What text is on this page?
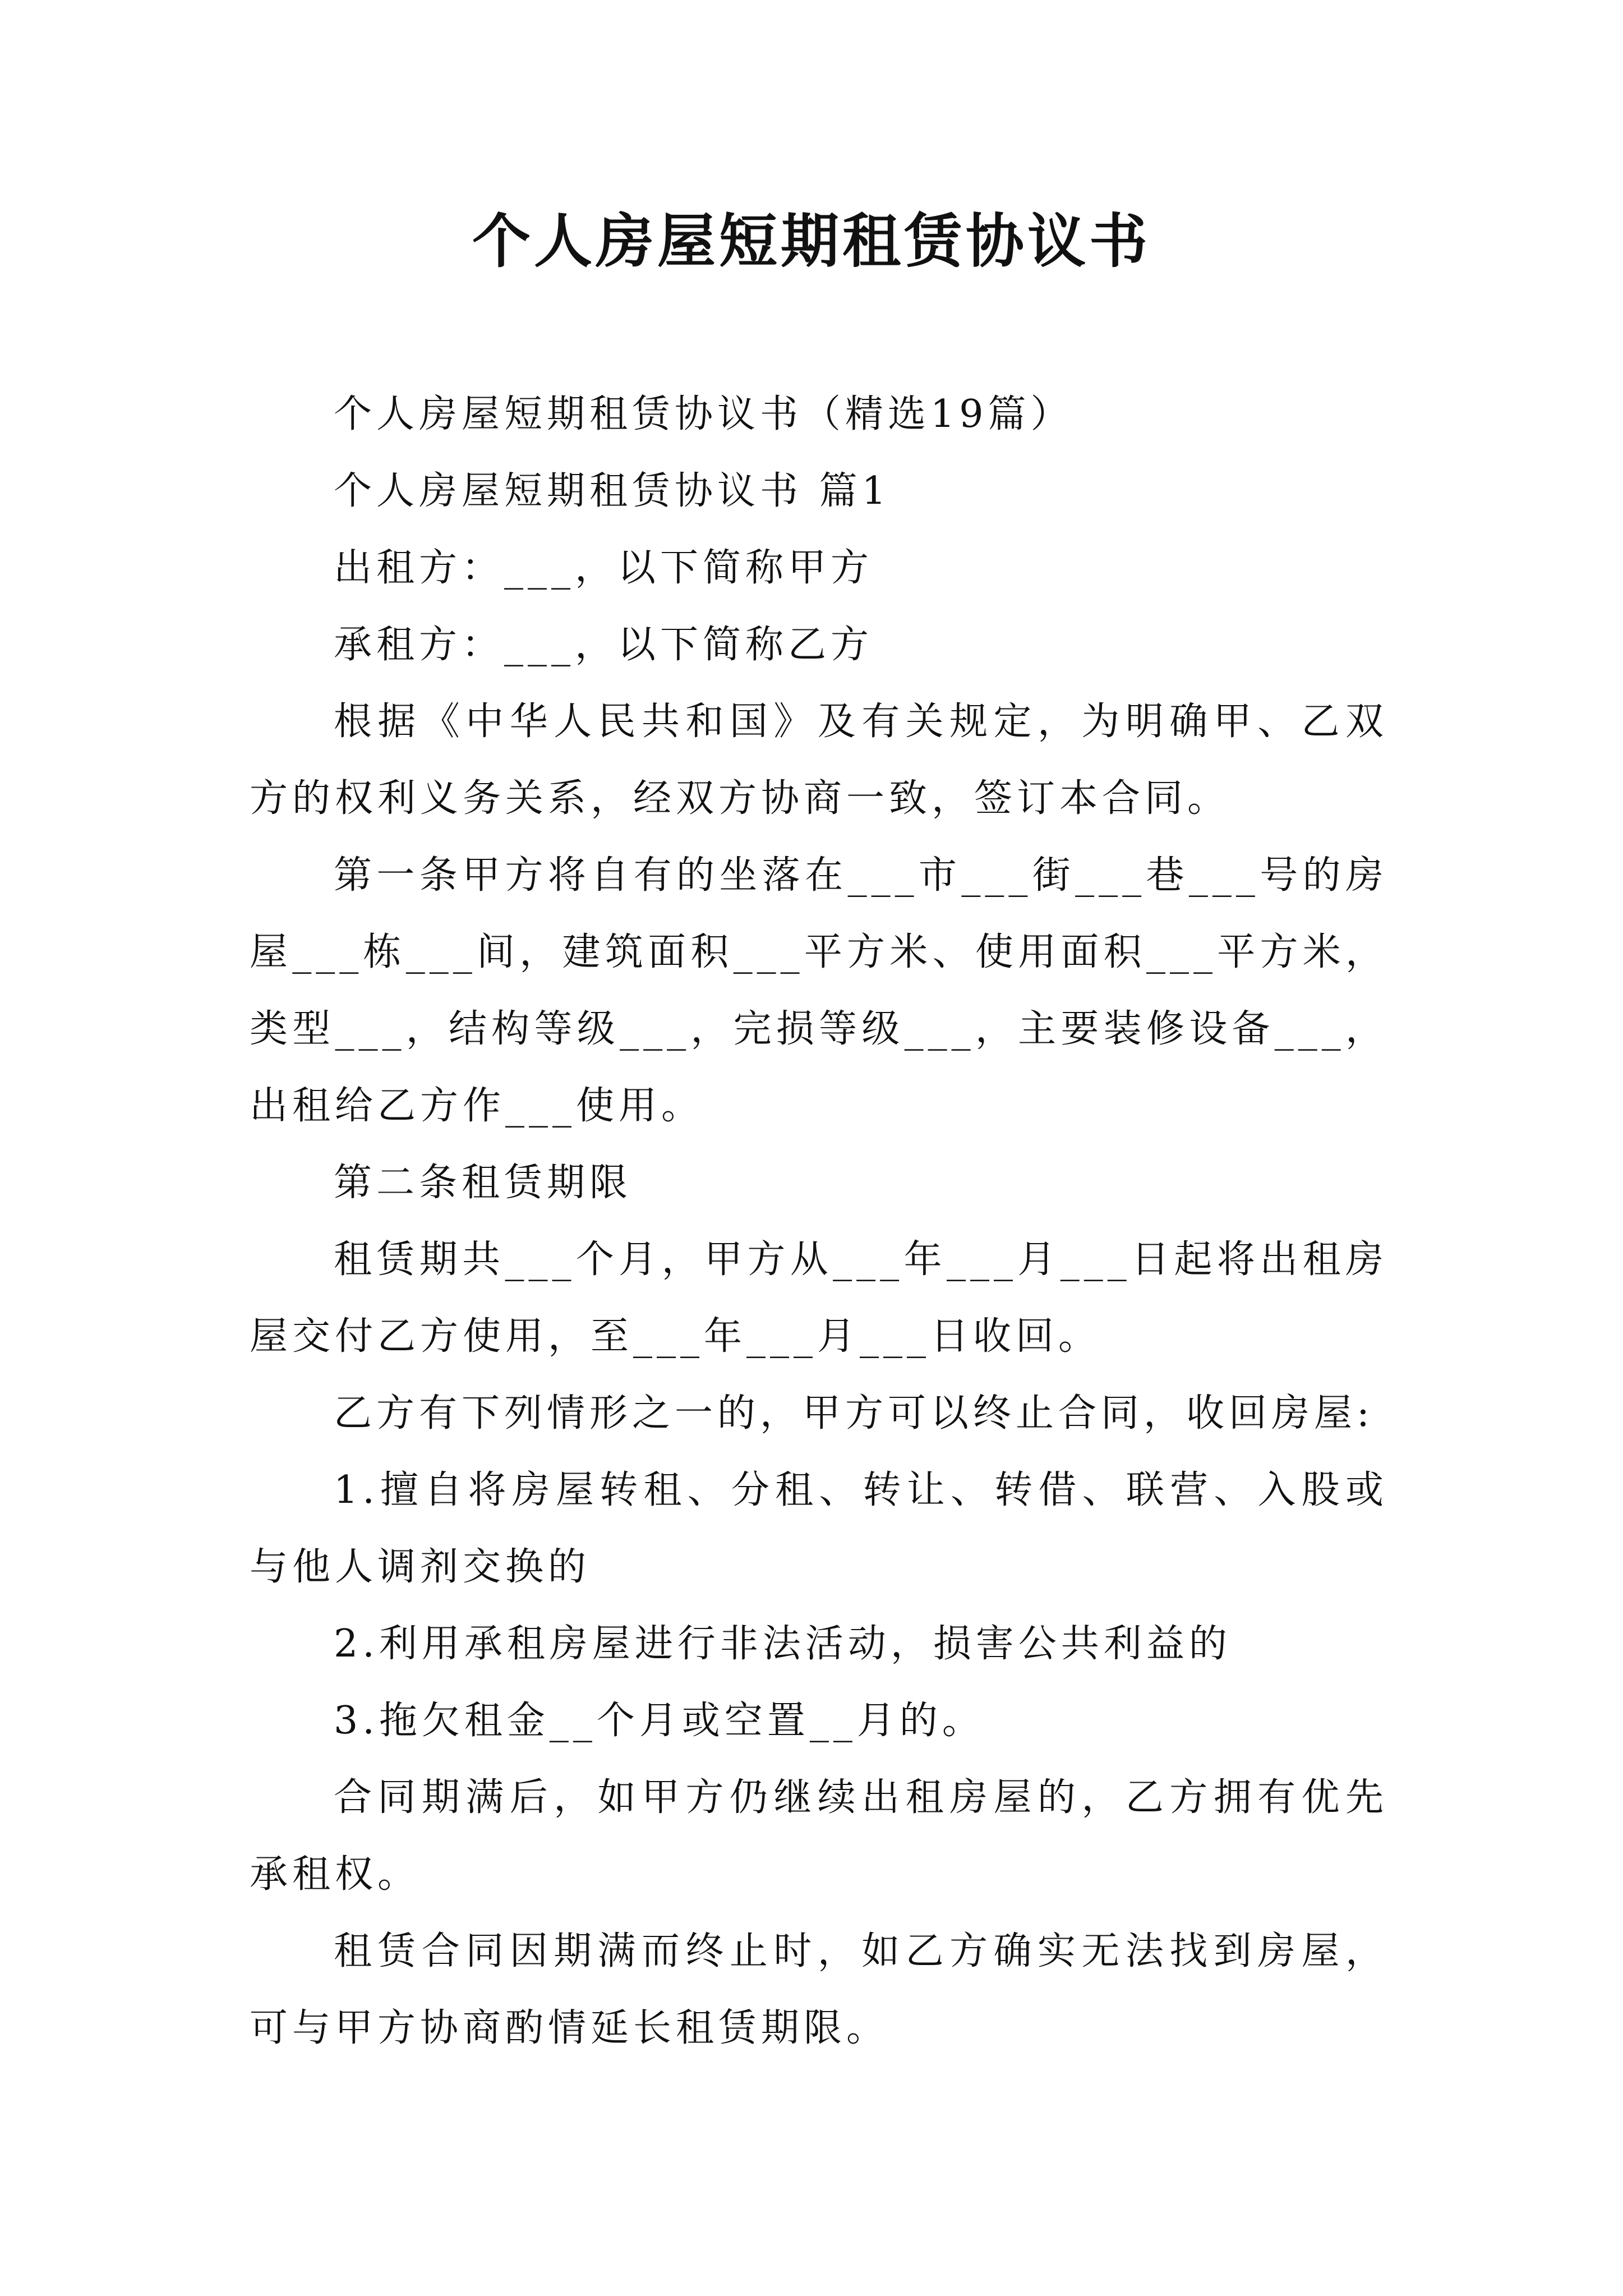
个人房屋短期租赁协议书

个人房屋短期租赁协议书（精选19篇）

个人房屋短期租赁协议书 篇1

出租方：___，以下简称甲方

承租方：___，以下简称乙方

根据《中华人民共和国》及有关规定，为明确甲、乙双方的权利义务关系，经双方协商一致，签订本合同。

第一条甲方将自有的坐落在___市___街___巷___号的房屋___栋___间，建筑面积___平方米、使用面积___平方米，类型___，结构等级___，完损等级___，主要装修设备___，出租给乙方作___使用。

第二条租赁期限

租赁期共___个月，甲方从___年___月___日起将出租房屋交付乙方使用，至___年___月___日收回。

乙方有下列情形之一的，甲方可以终止合同，收回房屋:

1.擅自将房屋转租、分租、转让、转借、联营、入股或与他人调剂交换的

2.利用承租房屋进行非法活动，损害公共利益的

3.拖欠租金__个月或空置__月的。

合同期满后，如甲方仍继续出租房屋的，乙方拥有优先承租权。

租赁合同因期满而终止时，如乙方确实无法找到房屋，可与甲方协商酌情延长租赁期限。
